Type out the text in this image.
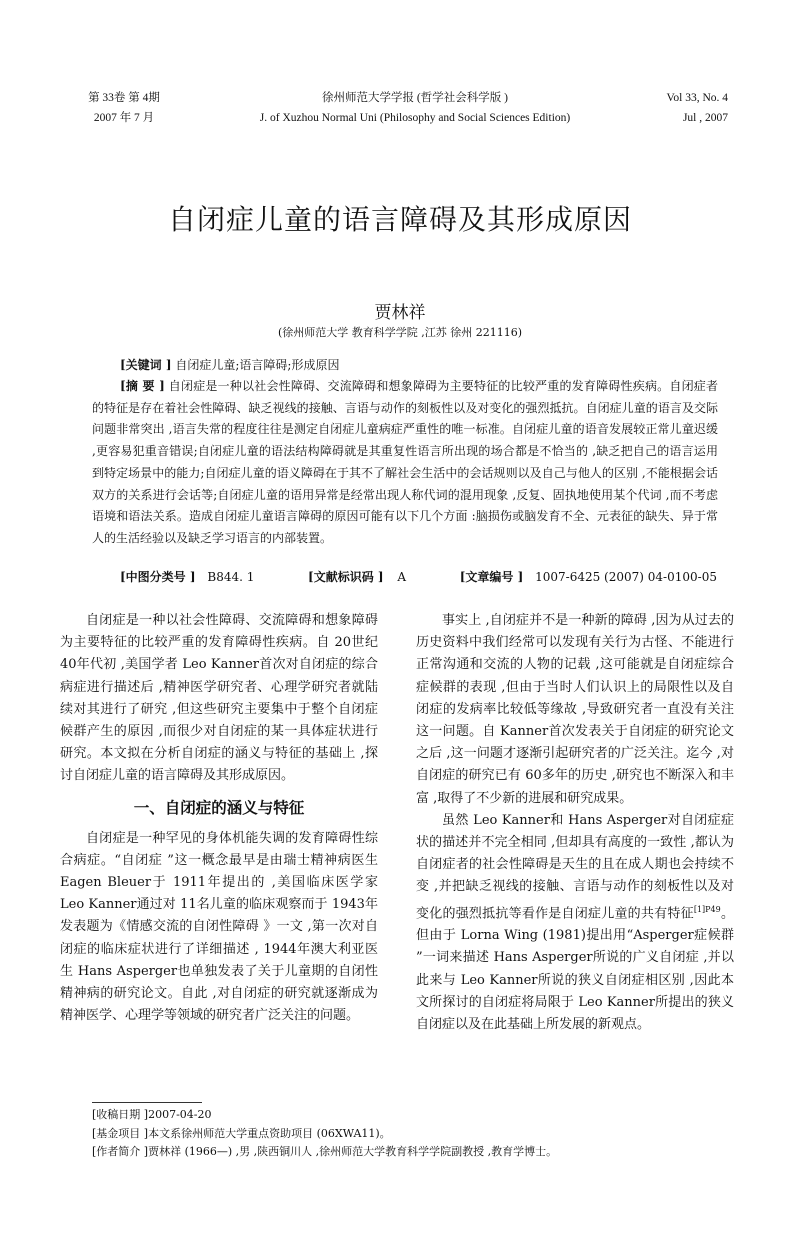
第 33卷 第 4期
2007 年 7 月
徐州师范大学学报 (哲学社会科学版 )
J. of Xuzhou Normal Uni (Philosophy and Social Sciences Edition)
Vol 33, No. 4
Jul , 2007
自闭症儿童的语言障碍及其形成原因
贾林祥
(徐州师范大学 教育科学学院 ,江苏 徐州 221116)
[关键词 ] 自闭症儿童;语言障碍;形成原因
[摘 要 ] 自闭症是一种以社会性障碍、交流障碍和想象障碍为主要特征的比较严重的发育障碍性疾病。自闭症者的特征是存在着社会性障碍、缺乏视线的接触、言语与动作的刻板性以及对变化的强烈抵抗。自闭症儿童的语言及交际问题非常突出 ,语言失常的程度往往是测定自闭症儿童病症严重性的唯一标准。自闭症儿童的语音发展较正常儿童迟缓 ,更容易犯重音错误;自闭症儿童的语法结构障碍就是其重复性语言所出现的场合都是不恰当的 ,缺乏把自己的语言运用到特定场景中的能力;自闭症儿童的语义障碍在于其不了解社会生活中的会话规则以及自己与他人的区别 ,不能根据会话双方的关系进行会话等;自闭症儿童的语用异常是经常出现人称代词的混用现象 ,反复、固执地使用某个代词 ,而不考虑语境和语法关系。造成自闭症儿童语言障碍的原因可能有以下几个方面 :脑损伤或脑发育不全、元表征的缺失、异于常人的生活经验以及缺乏学习语言的内部装置。
[中图分类号 ] B844. 1	[文献标识码 ] A	[文章编号 ] 1007-6425 (2007) 04-0100-05

自闭症是一种以社会性障碍、交流障碍和想象障碍为主要特征的比较严重的发育障碍性疾病。自 20世纪 40年代初 ,美国学者 Leo Kanner首次对自闭症的综合病症进行描述后 ,精神医学研究者、心理学研究者就陆续对其进行了研究 ,但这些研究主要集中于整个自闭症候群产生的原因 ,而很少对自闭症的某一具体症状进行研究。本文拟在分析自闭症的涵义与特征的基础上 ,探讨自闭症儿童的语言障碍及其形成原因。

一、自闭症的涵义与特征

自闭症是一种罕见的身体机能失调的发育障碍性综合病症。“自闭症 ”这一概念最早是由瑞士精神病医生 Eagen Bleuer于 1911年提出的 ,美国临床医学家 Leo Kanner通过对 11名儿童的临床观察而于 1943年发表题为《情感交流的自闭性障碍 》一文 ,第一次对自闭症的临床症状进行了详细描述 , 1944年澳大利亚医生 Hans Asperger也单独发表了关于儿童期的自闭性精神病的研究论文。自此 ,对自闭症的研究就逐渐成为精神医学、心理学等领域的研究者广泛关注的问题。

事实上 ,自闭症并不是一种新的障碍 ,因为从过去的历史资料中我们经常可以发现有关行为古怪、不能进行正常沟通和交流的人物的记载 ,这可能就是自闭症综合症候群的表现 ,但由于当时人们认识上的局限性以及自闭症的发病率比较低等缘故 ,导致研究者一直没有关注这一问题。自 Kanner首次发表关于自闭症的研究论文之后 ,这一问题才逐渐引起研究者的广泛关注。迄今 ,对自闭症的研究已有 60多年的历史 ,研究也不断深入和丰富 ,取得了不少新的进展和研究成果。

虽然 Leo Kanner和 Hans Asperger对自闭症症状的描述并不完全相同 ,但却具有高度的一致性 ,都认为自闭症者的社会性障碍是天生的且在成人期也会持续不变 ,并把缺乏视线的接触、言语与动作的刻板性以及对变化的强烈抵抗等看作是自闭症儿童的共有特征$^{[1]P49}$。但由于 Lorna Wing (1981)提出用“Asperger症候群 ”一词来描述 Hans Asperger所说的广义自闭症 ,并以此来与 Leo Kanner所说的狭义自闭症相区别 ,因此本文所探讨的自闭症将局限于 Leo Kanner所提出的狭义自闭症以及在此基础上所发展的新观点。

[收稿日期 ]2007-04-20
[基金项目 ]本文系徐州师范大学重点资助项目 (06XWA11)。
[作者简介 ]贾林祥 (1966—) ,男 ,陕西铜川人 ,徐州师范大学教育科学学院副教授 ,教育学博士。
